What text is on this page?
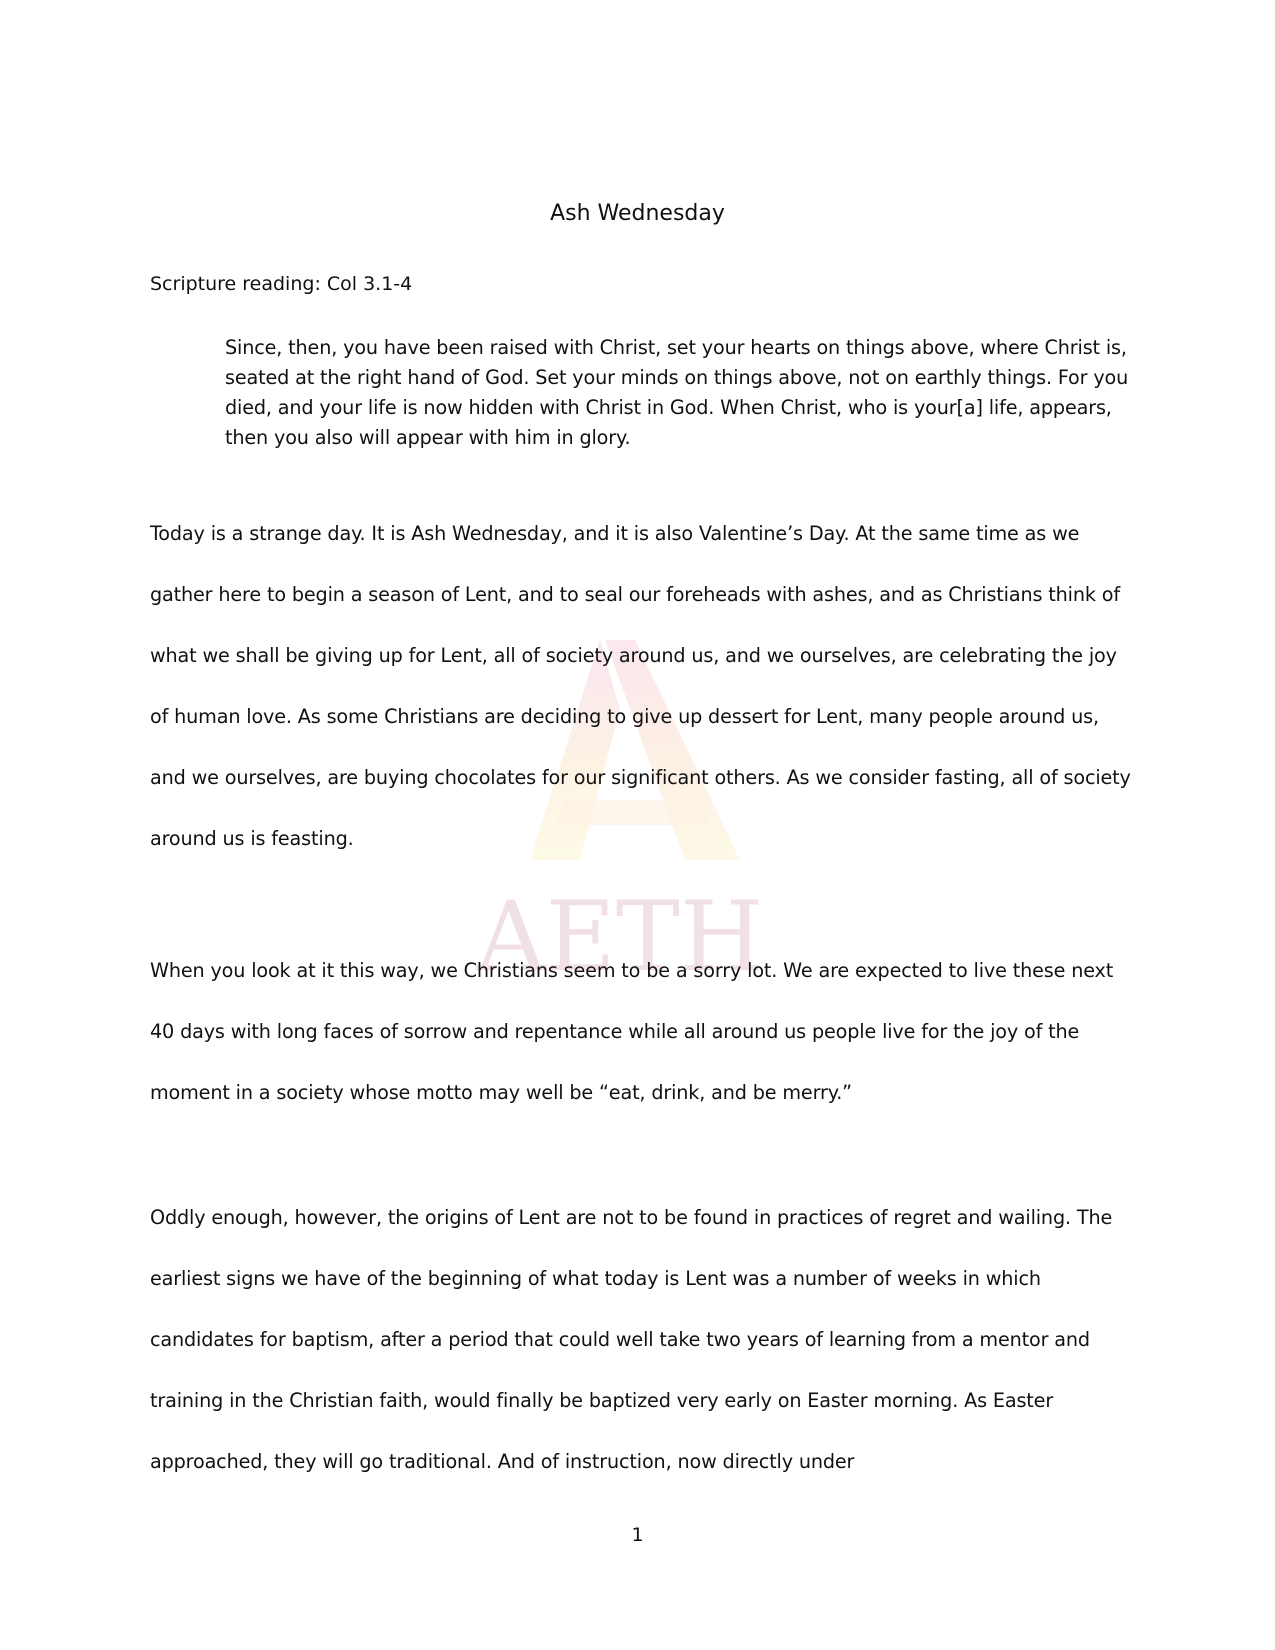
AETH
Ash Wednesday
Scripture reading: Col 3.1-4
Since, then, you have been raised with Christ, set your hearts on things above, where Christ is, seated at the right hand of God. Set your minds on things above, not on earthly things. For you died, and your life is now hidden with Christ in God. When Christ, who is your[a] life, appears, then you also will appear with him in glory.

Today is a strange day. It is Ash Wednesday, and it is also Valentine’s Day. At the same time as we gather here to begin a season of Lent, and to seal our foreheads with ashes, and as Christians think of what we shall be giving up for Lent, all of society around us, and we ourselves, are celebrating the joy of human love. As some Christians are deciding to give up dessert for Lent, many people around us, and we ourselves, are buying chocolates for our significant others. As we consider fasting, all of society around us is feasting.

When you look at it this way, we Christians seem to be a sorry lot. We are expected to live these next 40 days with long faces of sorrow and repentance while all around us people live for the joy of the moment in a society whose motto may well be “eat, drink, and be merry.”

Oddly enough, however, the origins of Lent are not to be found in practices of regret and wailing. The earliest signs we have of the beginning of what today is Lent was a number of weeks in which candidates for baptism, after a period that could well take two years of learning from a mentor and training in the Christian faith, would finally be baptized very early on Easter morning. As Easter approached, they will go traditional. And of instruction, now directly under

1
